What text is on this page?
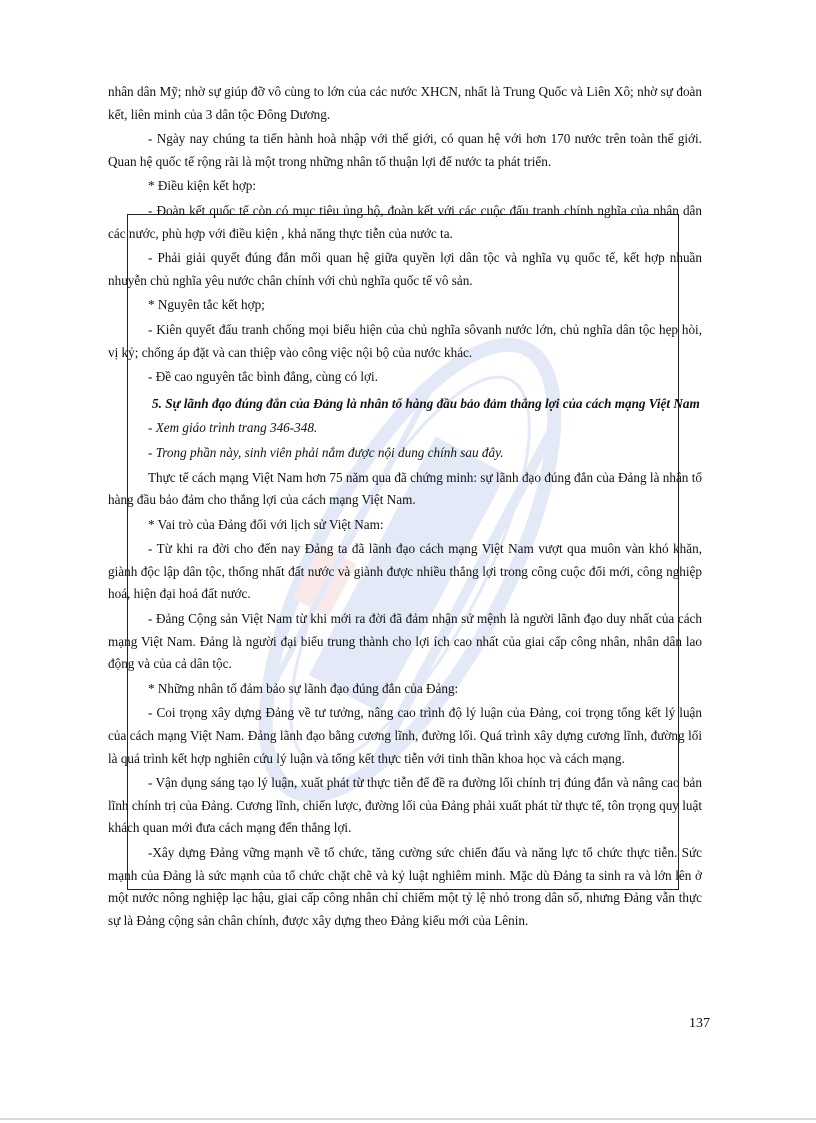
nhân dân Mỹ; nhờ sự giúp đỡ vô cùng to lớn của các nước XHCN, nhất là Trung Quốc và Liên Xô; nhờ sự đoàn kết, liên minh của 3 dân tộc Đông Dương.

- Ngày nay chúng ta tiến hành hoà nhập với thế giới, có quan hệ với hơn 170 nước trên toàn thế giới. Quan hệ quốc tế rộng rãi là một trong những nhân tố thuận lợi để nước ta phát triển.

* Điều kiện kết hợp:

- Đoàn kết quốc tế còn có mục tiêu ủng hộ, đoàn kết với các cuộc đấu tranh chính nghĩa của nhân dân các nước, phù hợp với điều kiện , khả năng thực tiễn của nước ta.

- Phải giải quyết đúng đắn mối quan hệ giữa quyền lợi dân tộc và nghĩa vụ quốc tế, kết hợp nhuần nhuyễn chủ nghĩa yêu nước chân chính với chủ nghĩa quốc tế vô sản.

* Nguyên tắc kết hợp;

- Kiên quyết đấu tranh chống mọi biểu hiện của chủ nghĩa sôvanh nước lớn, chủ nghĩa dân tộc hẹp hòi, vị kỷ; chống áp đặt và can thiệp vào công việc nội bộ của nước khác.

- Đề cao nguyên tắc bình đẳng, cùng có lợi.

5. Sự lãnh đạo đúng đắn của Đảng là nhân tố hàng đầu bảo đảm thắng lợi của cách mạng Việt Nam

- Xem giáo trình trang 346-348.

- Trong phần này, sinh viên phải nắm được nội dung chính sau đây.

Thực tế cách mạng Việt Nam hơn 75 năm qua đã chứng minh: sự lãnh đạo đúng đắn của Đảng là nhân tố hàng đầu bảo đảm cho thắng lợi của cách mạng Việt Nam.

* Vai trò của Đảng đối với lịch sử Việt Nam:

- Từ khi ra đời cho đến nay Đảng ta đã lãnh đạo cách mạng Việt Nam vượt qua muôn vàn khó khăn, giành độc lập dân tộc, thống nhất đất nước và giành được nhiều thắng lợi trong công cuộc đổi mới, công nghiệp hoá, hiện đại hoá đất nước.

- Đảng Cộng sản Việt Nam từ khi mới ra đời đã đảm nhận sứ mệnh là người lãnh đạo duy nhất của cách mạng Việt Nam. Đảng là người đại biểu trung thành cho lợi ích cao nhất của giai cấp công nhân, nhân dân lao động và của cả dân tộc.

* Những nhân tố đảm bảo sự lãnh đạo đúng đắn của Đảng:

- Coi trọng xây dựng Đảng về tư tưởng, nâng cao trình độ lý luận của Đảng, coi trọng tổng kết lý luận của cách mạng Việt Nam. Đảng lãnh đạo bằng cương lĩnh, đường lối. Quá trình xây dựng cương lĩnh, đường lối là quá trình kết hợp nghiên cứu lý luận và tổng kết thực tiễn với tinh thần khoa học và cách mạng.

- Vận dụng sáng tạo lý luận, xuất phát từ thực tiễn để đề ra đường lối chính trị đúng đắn và nâng cao bản lĩnh chính trị của Đảng. Cương lĩnh, chiến lược, đường lối của Đảng phải xuất phát từ thực tế, tôn trọng quy luật khách quan mới đưa cách mạng đến thắng lợi.

-Xây dựng Đảng vững mạnh về tổ chức, tăng cường sức chiến đấu và năng lực tổ chức thực tiễn. Sức mạnh của Đảng là sức mạnh của tổ chức chặt chẽ và kỷ luật nghiêm minh. Mặc dù Đảng ta sinh ra và lớn lên ở một nước nông nghiệp lạc hậu, giai cấp công nhân chỉ chiếm một tỷ lệ nhỏ trong dân số, nhưng Đảng vẫn thực sự là Đảng cộng sản chân chính, được xây dựng theo Đảng kiểu mới của Lênin.

137
